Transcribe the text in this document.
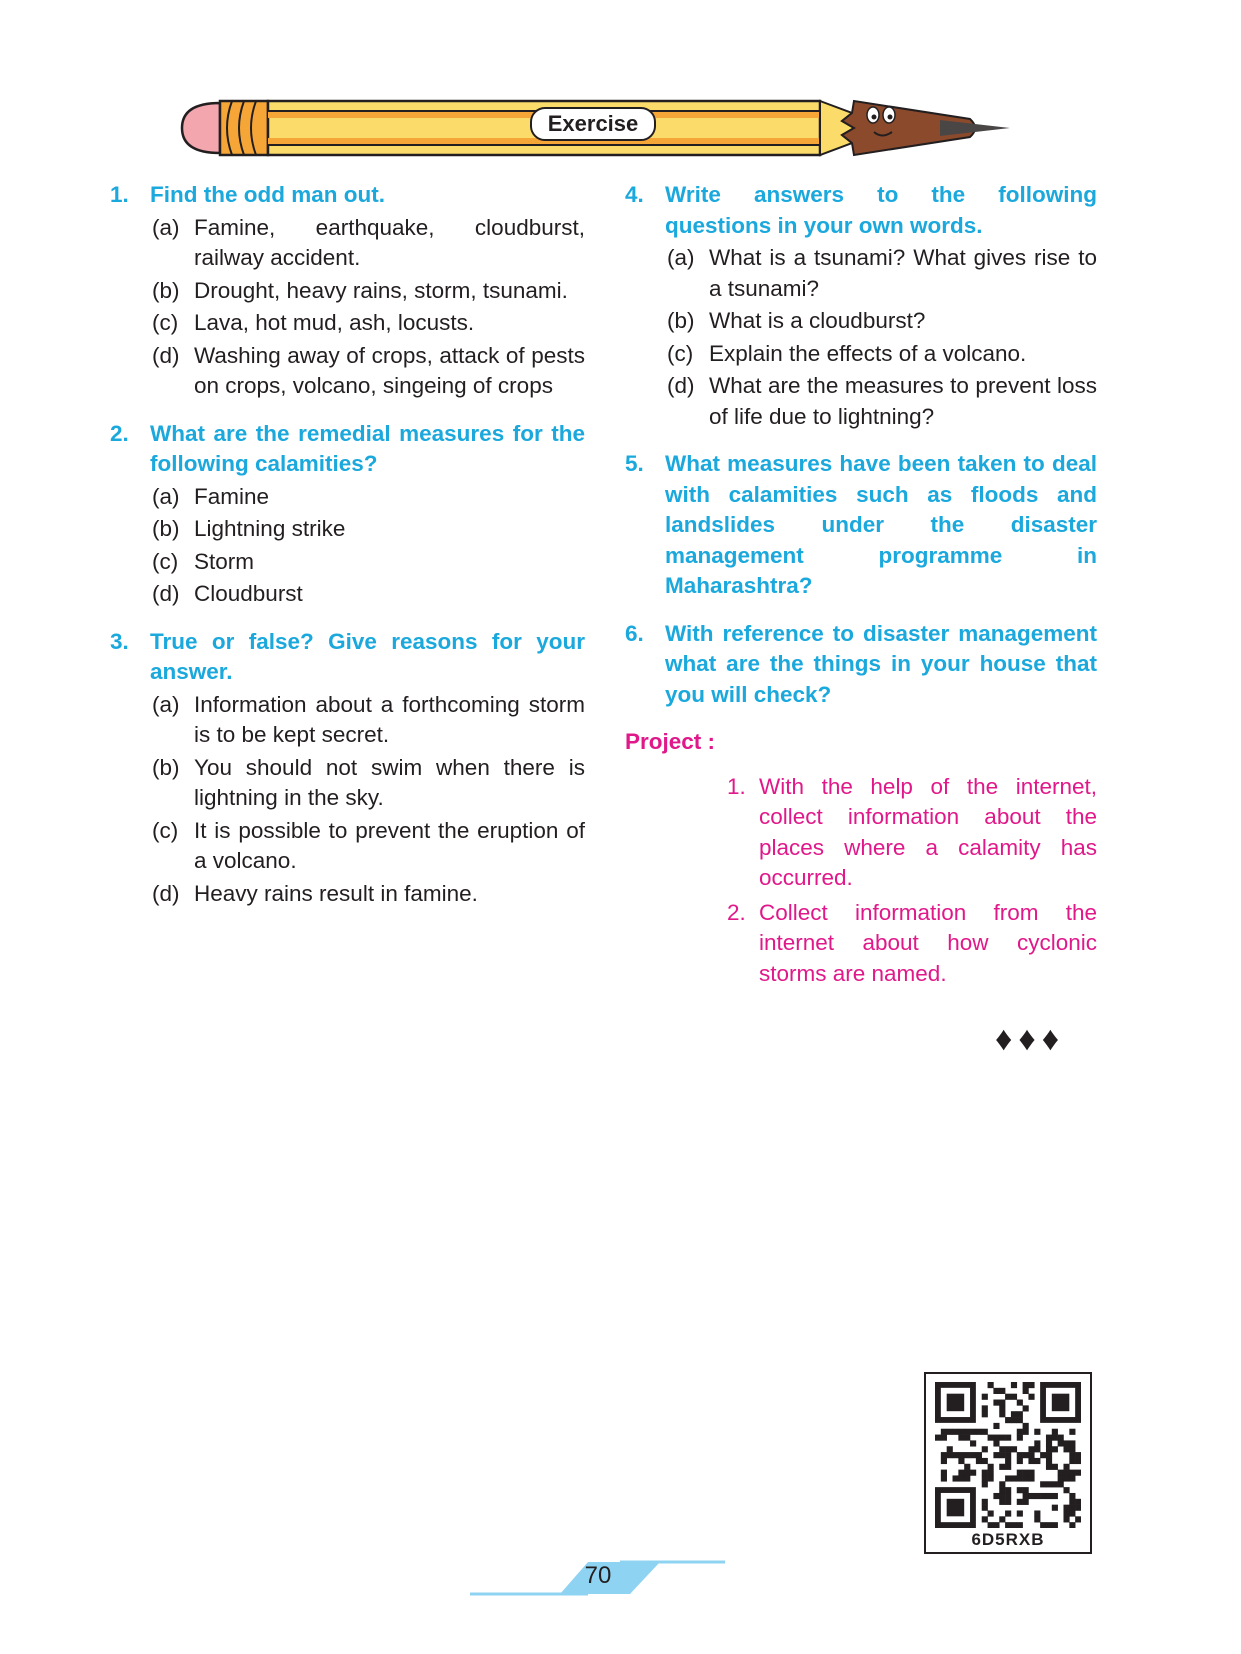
Exercise
1. Find the odd man out.
(a) Famine, earthquake, cloudburst, railway accident.
(b) Drought, heavy rains, storm, tsunami.
(c) Lava, hot mud, ash, locusts.
(d) Washing away of crops, attack of pests on crops, volcano, singeing of crops
2. What are the remedial measures for the following calamities?
(a) Famine
(b) Lightning strike
(c) Storm
(d) Cloudburst
3. True or false? Give reasons for your answer.
(a) Information about a forthcoming storm is to be kept secret.
(b) You should not swim when there is lightning in the sky.
(c) It is possible to prevent the eruption of a volcano.
(d) Heavy rains result in famine.
4. Write answers to the following questions in your own words.
(a) What is a tsunami? What gives rise to a tsunami?
(b) What is a cloudburst?
(c) Explain the effects of a volcano.
(d) What are the measures to prevent loss of life due to lightning?
5. What measures have been taken to deal with calamities such as floods and landslides under the disaster management programme in Maharashtra?
6. With reference to disaster management what are the things in your house that you will check?
Project :
1. With the help of the internet, collect information about the places where a calamity has occurred.
2. Collect information from the internet about how cyclonic storms are named.
♦♦♦
6D5RXB
70
